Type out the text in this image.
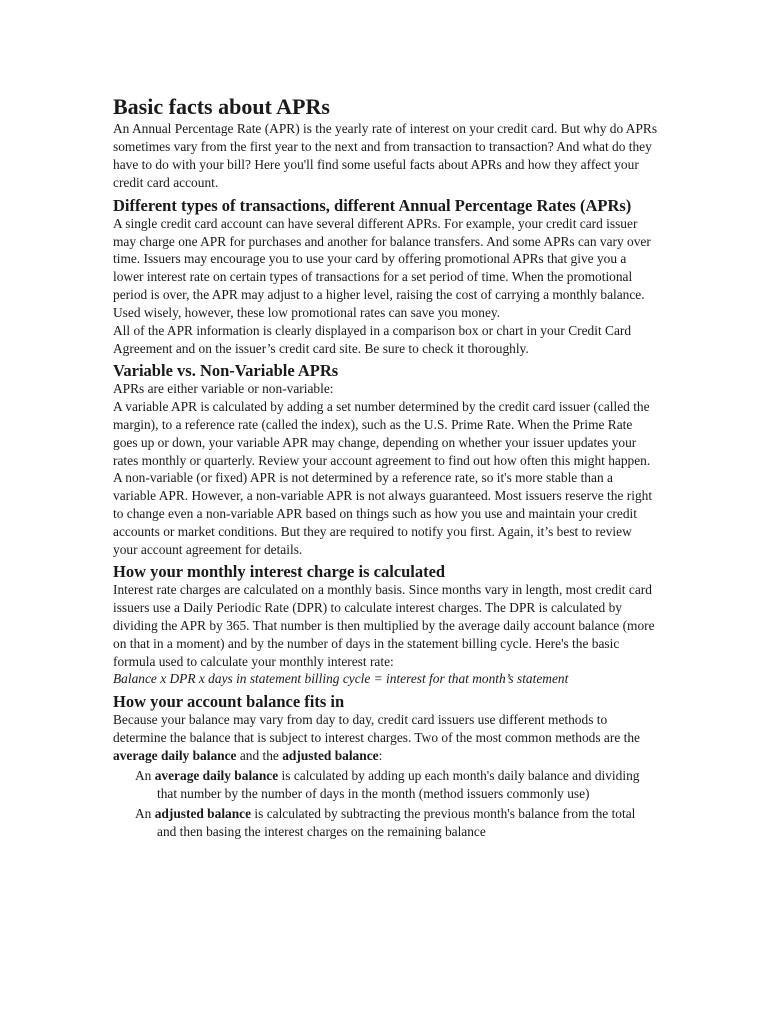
Basic facts about APRs

An Annual Percentage Rate (APR) is the yearly rate of interest on your credit card. But why do APRs sometimes vary from the first year to the next and from transaction to transaction? And what do they have to do with your bill? Here you'll find some useful facts about APRs and how they affect your credit card account.

Different types of transactions, different Annual Percentage Rates (APRs)

A single credit card account can have several different APRs. For example, your credit card issuer may charge one APR for purchases and another for balance transfers. And some APRs can vary over time. Issuers may encourage you to use your card by offering promotional APRs that give you a lower interest rate on certain types of transactions for a set period of time. When the promotional period is over, the APR may adjust to a higher level, raising the cost of carrying a monthly balance. Used wisely, however, these low promotional rates can save you money.

All of the APR information is clearly displayed in a comparison box or chart in your Credit Card Agreement and on the issuer’s credit card site. Be sure to check it thoroughly.

Variable vs. Non-Variable APRs

APRs are either variable or non-variable:

A variable APR is calculated by adding a set number determined by the credit card issuer (called the margin), to a reference rate (called the index), such as the U.S. Prime Rate. When the Prime Rate goes up or down, your variable APR may change, depending on whether your issuer updates your rates monthly or quarterly. Review your account agreement to find out how often this might happen.

A non-variable (or fixed) APR is not determined by a reference rate, so it's more stable than a variable APR. However, a non-variable APR is not always guaranteed. Most issuers reserve the right to change even a non-variable APR based on things such as how you use and maintain your credit accounts or market conditions. But they are required to notify you first. Again, it’s best to review your account agreement for details.

How your monthly interest charge is calculated

Interest rate charges are calculated on a monthly basis. Since months vary in length, most credit card issuers use a Daily Periodic Rate (DPR) to calculate interest charges. The DPR is calculated by dividing the APR by 365. That number is then multiplied by the average daily account balance (more on that in a moment) and by the number of days in the statement billing cycle. Here's the basic formula used to calculate your monthly interest rate:

Balance x DPR x days in statement billing cycle = interest for that month’s statement

How your account balance fits in

Because your balance may vary from day to day, credit card issuers use different methods to determine the balance that is subject to interest charges. Two of the most common methods are the average daily balance and the adjusted balance:

An average daily balance is calculated by adding up each month's daily balance and dividing that number by the number of days in the month (method issuers commonly use)
An adjusted balance is calculated by subtracting the previous month's balance from the total and then basing the interest charges on the remaining balance
